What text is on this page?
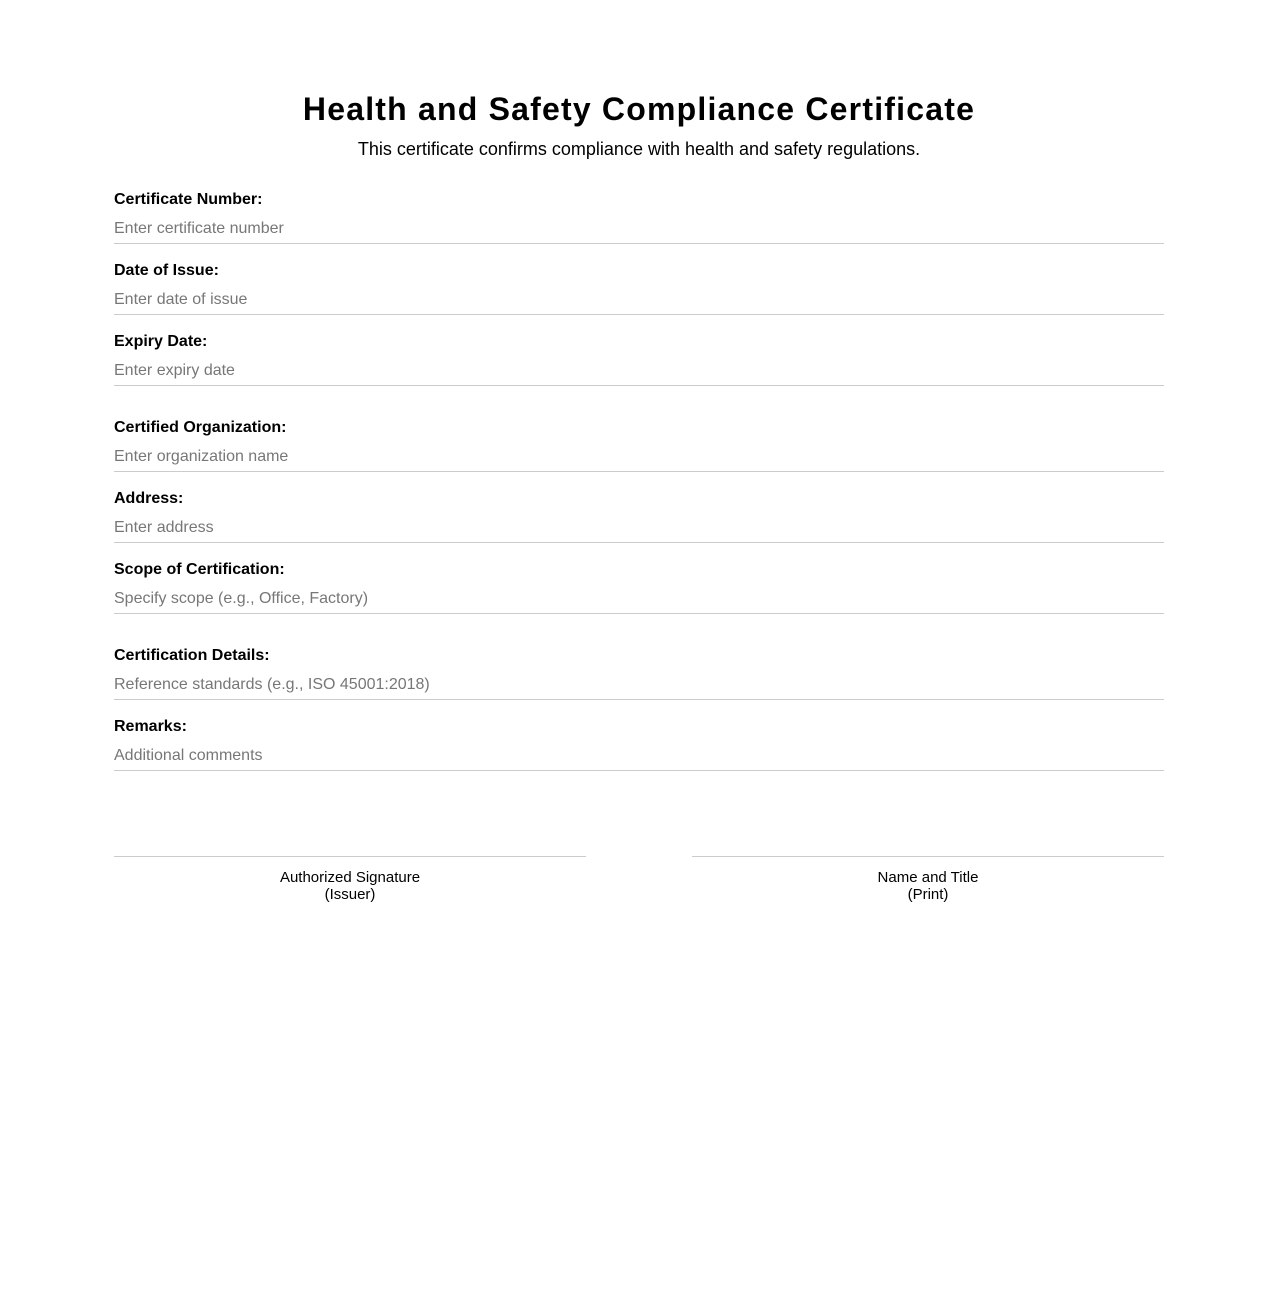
Health and Safety Compliance Certificate

This certificate confirms compliance with health and safety regulations.

Certificate Number:
Enter certificate number
Date of Issue:
Enter date of issue
Expiry Date:
Enter expiry date
Certified Organization:
Enter organization name
Address:
Enter address
Scope of Certification:
Specify scope (e.g., Office, Factory)
Certification Details:
Reference standards (e.g., ISO 45001:2018)
Remarks:
Additional comments
Authorized Signature
(Issuer)
Name and Title
(Print)
